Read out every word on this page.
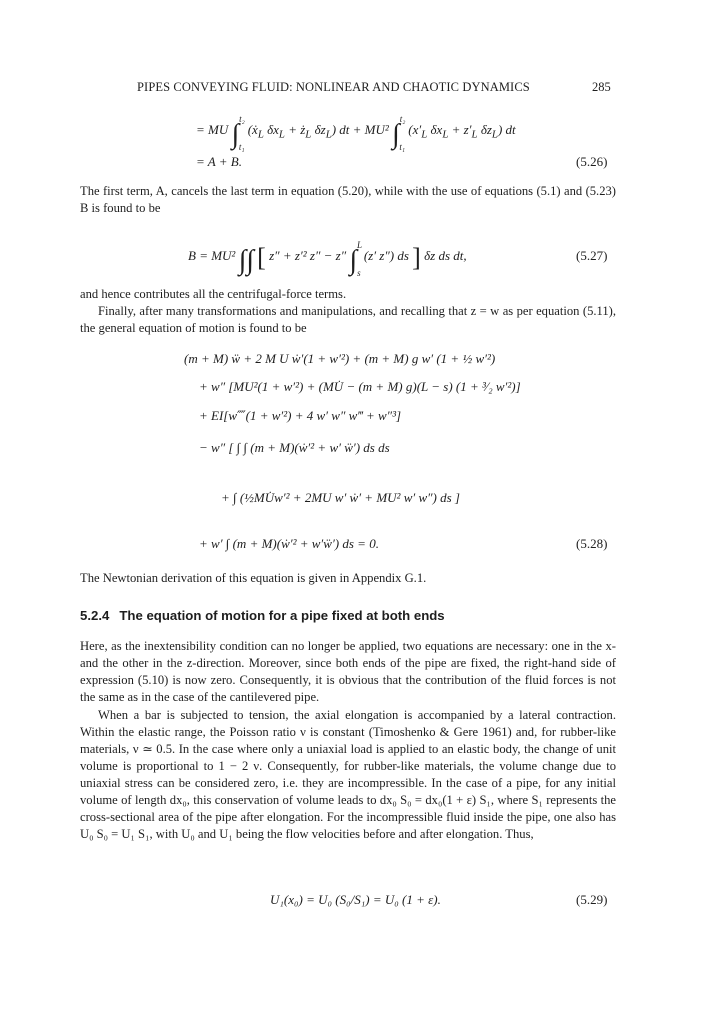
PIPES CONVEYING FLUID: NONLINEAR AND CHAOTIC DYNAMICS	285
= MU ∫$^{t_2}_{t_1}$ (ẋ$_L$ $\delta x_L$ + $ż_L$ $\delta z_L$) dt + MU² ∫$^{t_2}_{t_1}$ ($x'_L$ $\delta x_L + z'_L$ $\delta z_L$) dt
= A + B.	(5.26)

The first term, A, cancels the last term in equation (5.20), while with the use of equations (5.1) and (5.23) B is found to be

B = MU² ∫∫ [ z″ + z′² z″ − z″ ∫$^L_s$ (z′ z″) ds ] δz ds dt,	(5.27)

and hence contributes all the centrifugal-force terms.

Finally, after many transformations and manipulations, and recalling that z = w as per equation (5.11), the general equation of motion is found to be

(m + M) ẅ + 2 M U ẇ′(1 + w′²) + (m + M) g w′ (1 + ½ w′²)
+ w″ [MU²(1 + w′²) + (MU̇ − (m + M) g)(L − s) (1 + ³⁄₂ w′²)]
+ EI[w⁗(1 + w′²) + 4 w′ w″ w‴ + w″³]
− w″ [ ∫ ∫ (m + M)(ẇ′² + w′ ẅ′) ds ds
+ ∫ (½MU̇w′² + 2MU w′ ẇ′ + MU² w′ w″) ds ]
+ w′ ∫ (m + M)(ẇ′² + w′ẅ′) ds = 0.	(5.28)

The Newtonian derivation of this equation is given in Appendix G.1.

5.2.4 The equation of motion for a pipe fixed at both ends

Here, as the inextensibility condition can no longer be applied, two equations are necessary: one in the x- and the other in the z-direction. Moreover, since both ends of the pipe are fixed, the right-hand side of expression (5.10) is now zero. Consequently, it is obvious that the contribution of the fluid forces is not the same as in the case of the cantilevered pipe.

When a bar is subjected to tension, the axial elongation is accompanied by a lateral contraction. Within the elastic range, the Poisson ratio ν is constant (Timoshenko & Gere 1961) and, for rubber-like materials, ν ≃ 0.5. In the case where only a uniaxial load is applied to an elastic body, the change of unit volume is proportional to 1 − 2 ν. Consequently, for rubber-like materials, the volume change due to uniaxial stress can be considered zero, i.e. they are incompressible. In the case of a pipe, for any initial volume of length dx₀, this conservation of volume leads to dx₀ S₀ = dx₀(1 + ε) S₁, where S₁ represents the cross-sectional area of the pipe after elongation. For the incompressible fluid inside the pipe, one also has U₀ S₀ = U₁ S₁, with U₀ and U₁ being the flow velocities before and after elongation. Thus,

U₁(x₀) = U₀ (S₀/S₁) = U₀ (1 + ε).	(5.29)
